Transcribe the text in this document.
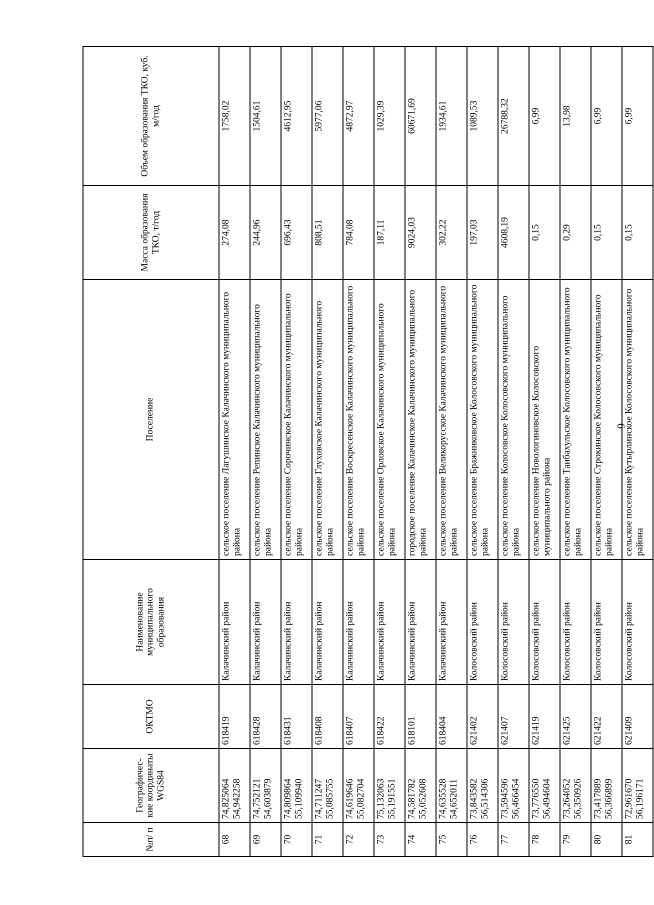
6
№п/ п	Географичес- кие координаты WGS84	ОКТМО	Наименование муниципального образования	Поселение	Масса образования ТКО, т/год	Объем образования ТКО, куб. м/год
68	74,825064 54,942258	618419	Калачинский район	сельское поселение Лагушинское Калачинского муниципального района	274,08	1758,02
69	74,752121 54,603879	618428	Калачинский район	сельское поселение Репинское Калачинского муниципального района	244,96	1504,61
70	74,809864 55,109940	618431	Калачинский район	сельское поселение Сорочинское Калачинского муниципального района	696,43	4612,95
71	74,711247 55,085755	618408	Калачинский район	сельское поселение Глуховское Калачинского муниципального района	808,51	5977,06
72	74,619646 55,082704	618407	Калачинский район	сельское поселение Воскресенское Калачинского муниципального района	784,08	4872,97
73	75,132063 55,191551	618422	Калачинский район	сельское поселение Орловское Калачинского муниципального района	187,11	1029,39
74	74,581782 55,052608	618101	Калачинский район	городское поселение Калачинское Калачинского муниципального района	9024,03	60671,69
75	74,635528 54,652011	618404	Калачинский район	сельское поселение Великорусское Калачинского муниципального района	302,22	1934,61
76	73,843582 56,514306	621402	Колосовский район	сельское поселение Бражниковское Колосовского муниципального района	197,03	1089,53
77	73,594596 56,466454	621407	Колосовский район	сельское поселение Колосовское Колосовского муниципального района	4608,19	26788,32
78	73,776550 56,494604	621419	Колосовский район	сельское поселение Новологиновское Колосовского муниципального района	0,15	6,99
79	73,264052 56,350926	621425	Колосовский район	сельское поселение Таибахульское Колосовского муниципального района	0,29	13,98
80	73,417889 56,366899	621422	Колосовский район	сельское поселение Строкинское Колосовского муниципального района	0,15	6,99
81	72,961670 56,196171	621409	Колосовский район	сельское поселение Кутырлинское Колосовского муниципального района	0,15	6,99
